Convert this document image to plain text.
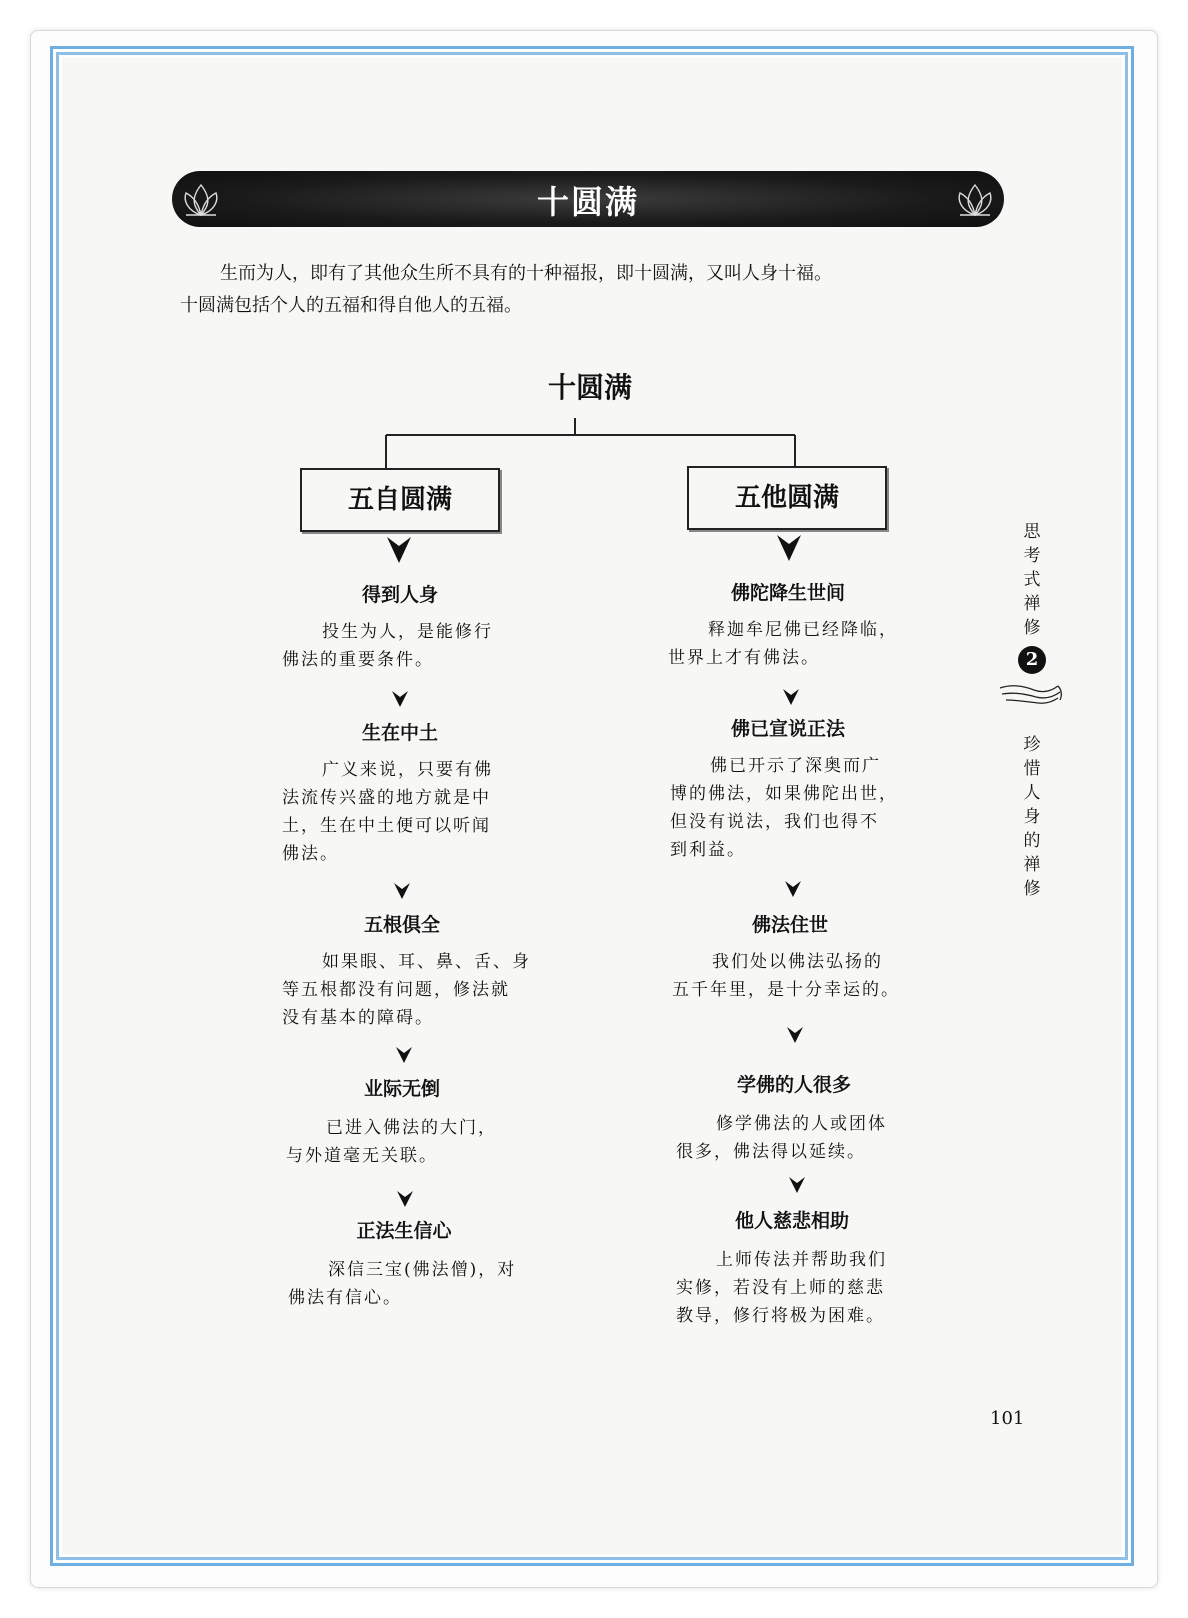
十圆满

生而为人，即有了其他众生所不具有的十种福报，即十圆满，又叫人身十福。

十圆满包括个人的五福和得自他人的五福。

十圆满
五自圆满	五他圆满
得到人身
投生为人，是能修行
佛法的重要条件。
生在中土
广义来说，只要有佛
法流传兴盛的地方就是中
土，生在中土便可以听闻
佛法。
五根俱全
如果眼、耳、鼻、舌、身
等五根都没有问题，修法就
没有基本的障碍。
业际无倒
已进入佛法的大门，
与外道毫无关联。
正法生信心
深信三宝(佛法僧)，对
佛法有信心。
佛陀降生世间
释迦牟尼佛已经降临，
世界上才有佛法。
佛已宣说正法
佛已开示了深奥而广
博的佛法，如果佛陀出世，
但没有说法，我们也得不
到利益。
佛法住世
我们处以佛法弘扬的
五千年里，是十分幸运的。
学佛的人很多
修学佛法的人或团体
很多，佛法得以延续。
他人慈悲相助
上师传法并帮助我们
实修，若没有上师的慈悲
教导，修行将极为困难。
思
考
式
禅
修
2
珍
惜
人
身
的
禅
修
101
